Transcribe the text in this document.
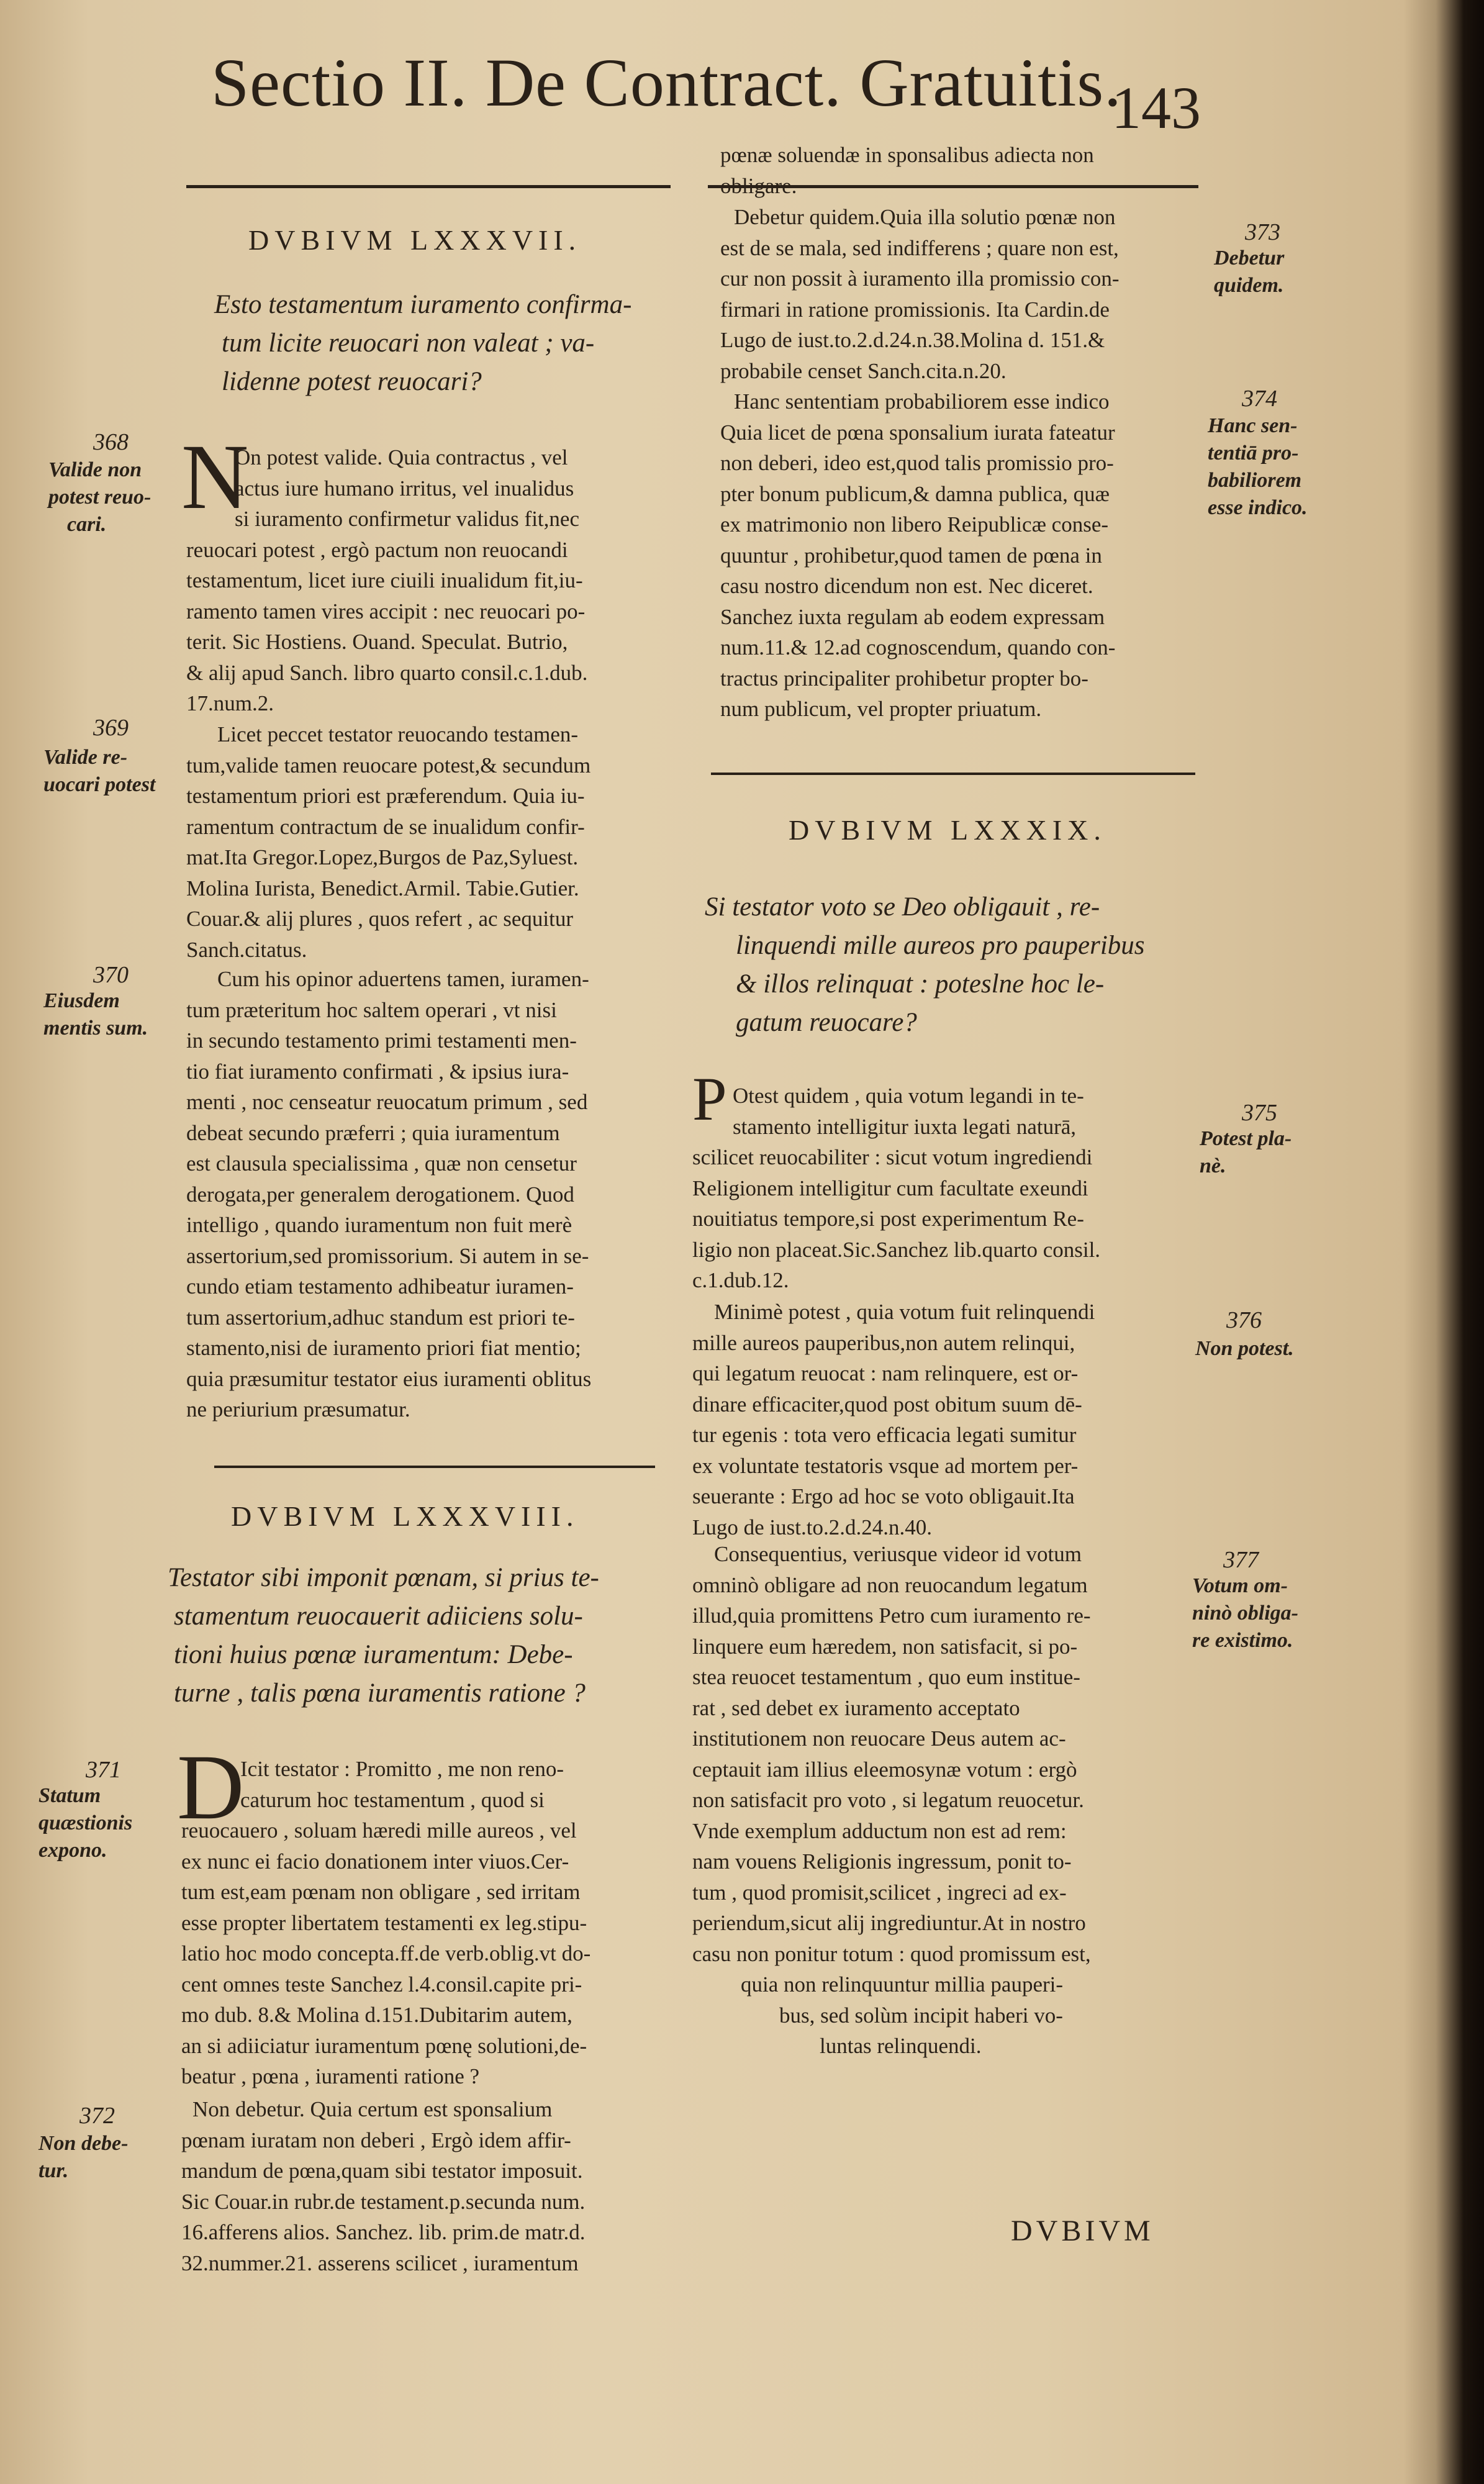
Sectio II. De Contract. Gratuitis.
143
DVBIVM LXXXVII.
Esto testamentum iuramento confirma-
tum licite reuocari non valeat ; va-
lidenne potest reuocari?
368
Valide non
potest reuo-
cari. N
On potest valide. Quia contractus , vel
actus iure humano irritus, vel inualidus
si iuramento confirmetur validus fit,nec
reuocari potest , ergò pactum non reuocandi
testamentum, licet iure ciuili inualidum fit,iu-
ramento tamen vires accipit : nec reuocari po-
terit. Sic Hostiens. Ouand. Speculat. Butrio,
& alij apud Sanch. libro quarto consil.c.1.dub.
17.num.2.
369
Valide re-
uocari potest
Licet peccet testator reuocando testamen-
tum,valide tamen reuocare potest,& secundum
testamentum priori est præferendum. Quia iu-
ramentum contractum de se inualidum confir-
mat.Ita Gregor.Lopez,Burgos de Paz,Syluest.
Molina Iurista, Benedict.Armil. Tabie.Gutier.
Couar.& alij plures , quos refert , ac sequitur
Sanch.citatus.
370
Eiusdem
mentis sum.
Cum his opinor aduertens tamen, iuramen-
tum præteritum hoc saltem operari , vt nisi
in secundo testamento primi testamenti men-
tio fiat iuramento confirmati , & ipsius iura-
menti , noc censeatur reuocatum primum , sed
debeat secundo præferri ; quia iuramentum
est clausula specialissima , quæ non censetur
derogata,per generalem derogationem. Quod
intelligo , quando iuramentum non fuit merè
assertorium,sed promissorium. Si autem in se-
cundo etiam testamento adhibeatur iuramen-
tum assertorium,adhuc standum est priori te-
stamento,nisi de iuramento priori fiat mentio;
quia præsumitur testator eius iuramenti oblitus
ne periurium præsumatur.
DVBIVM LXXXVIII.
Testator sibi imponit pœnam, si prius te-
stamentum reuocauerit adiiciens solu-
tioni huius pœnæ iuramentum: Debe-
turne , talis pœna iuramentis ratione ?
371
Statum
quæstionis
expono.
D
Icit testator : Promitto , me non reno-
caturum hoc testamentum , quod si
reuocauero , soluam hæredi mille aureos , vel
ex nunc ei facio donationem inter viuos.Cer-
tum est,eam pœnam non obligare , sed irritam
esse propter libertatem testamenti ex leg.stipu-
latio hoc modo concepta.ff.de verb.oblig.vt do-
cent omnes teste Sanchez l.4.consil.capite pri-
mo dub. 8.& Molina d.151.Dubitarim autem,
an si adiiciatur iuramentum pœnę solutioni,de-
beatur , pœna , iuramenti ratione ?
372
Non debe-
tur.
Non debetur. Quia certum est sponsalium
pœnam iuratam non deberi , Ergò idem affir-
mandum de pœna,quam sibi testator imposuit.
Sic Couar.in rubr.de testament.p.secunda num.
16.afferens alios. Sanchez. lib. prim.de matr.d.
32.nummer.21. asserens scilicet , iuramentum
pœnæ soluendæ in sponsalibus adiecta non
obligare.
Debetur quidem.Quia illa solutio pœnæ non
est de se mala, sed indifferens ; quare non est,
cur non possit à iuramento illa promissio con-
firmari in ratione promissionis. Ita Cardin.de
Lugo de iust.to.2.d.24.n.38.Molina d. 151.&
probabile censet Sanch.cita.n.20.
373
Debetur
quidem.
Hanc sententiam probabiliorem esse indico
Quia licet de pœna sponsalium iurata fateatur
non deberi, ideo est,quod talis promissio pro-
pter bonum publicum,& damna publica, quæ
ex matrimonio non libero Reipublicæ conse-
quuntur , prohibetur,quod tamen de pœna in
casu nostro dicendum non est. Nec diceret.
Sanchez iuxta regulam ab eodem expressam
num.11.& 12.ad cognoscendum, quando con-
tractus principaliter prohibetur propter bo-
num publicum, vel propter priuatum.
374
Hanc sen-
tentiā pro-
babiliorem
esse indico.
DVBIVM LXXXIX.
Si testator voto se Deo obligauit , re-
linquendi mille aureos pro pauperibus
& illos relinquat : poteslne hoc le-
gatum reuocare?
P Otest quidem , quia votum legandi in te-
stamento intelligitur iuxta legati naturā,
scilicet reuocabiliter : sicut votum ingrediendi
Religionem intelligitur cum facultate exeundi
nouitiatus tempore,si post experimentum Re-
ligio non placeat.Sic.Sanchez lib.quarto consil.
c.1.dub.12.
375
Potest pla-
nè.
Minimè potest , quia votum fuit relinquendi
mille aureos pauperibus,non autem relinqui,
qui legatum reuocat : nam relinquere, est or-
dinare efficaciter,quod post obitum suum dē-
tur egenis : tota vero efficacia legati sumitur
ex voluntate testatoris vsque ad mortem per-
seuerante : Ergo ad hoc se voto obligauit.Ita
Lugo de iust.to.2.d.24.n.40.
376
Non potest.
Consequentius, veriusque videor id votum
omninò obligare ad non reuocandum legatum
illud,quia promittens Petro cum iuramento re-
linquere eum hæredem, non satisfacit, si po-
stea reuocet testamentum , quo eum institue-
rat , sed debet ex iuramento acceptato
institutionem non reuocare Deus autem ac-
ceptauit iam illius eleemosynæ votum : ergò
non satisfacit pro voto , si legatum reuocetur.
Vnde exemplum adductum non est ad rem:
nam vouens Religionis ingressum, ponit to-
tum , quod promisit,scilicet , ingreci ad ex-
periendum,sicut alij ingrediuntur.At in nostro
casu non ponitur totum : quod promissum est,
quia non relinquuntur millia pauperi-
bus, sed solùm incipit haberi vo-
luntas relinquendi.
377
Votum om-
ninò obliga-
re existimo.
DVBIVM
